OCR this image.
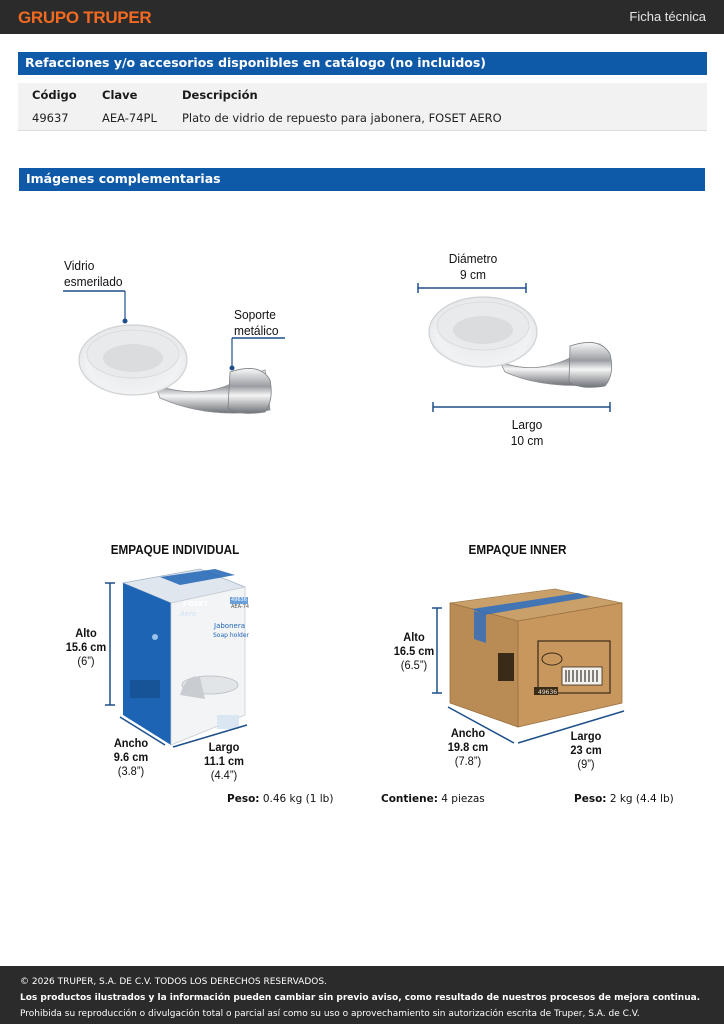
GRUPO TRUPER	Ficha técnica
Refacciones y/o accesorios disponibles en catálogo (no incluidos)
Código Clave	Descripción
49637	AEA-74PL Plato de vidrio de repuesto para jabonera, FOSET AERO
Imágenes complementarias
Vidrio
esmerilado
Soporte
metálico
Diámetro
9 cm
Largo
10 cm
EMPAQUE INDIVIDUAL
FOSET	49636
AEA-74
Aero
Jabonera
Soap holder
Alto
15.6 cm
(6”)
Ancho
9.6 cm
(3.8”)
Largo
11.1 cm
(4.4”)
Peso: 0.46 kg (1 lb)
EMPAQUE INNER
49636
Alto
16.5 cm
(6.5”)
Ancho
19.8 cm
(7.8”)
Largo
23 cm
(9”)
Contiene: 4 piezas	Peso: 2 kg (4.4 lb)
© 2026 TRUPER, S.A. DE C.V. TODOS LOS DERECHOS RESERVADOS.
Los productos ilustrados y la información pueden cambiar sin previo aviso, como resultado de nuestros procesos de mejora continua.
Prohibida su reproducción o divulgación total o parcial así como su uso o aprovechamiento sin autorización escrita de Truper, S.A. de C.V.
